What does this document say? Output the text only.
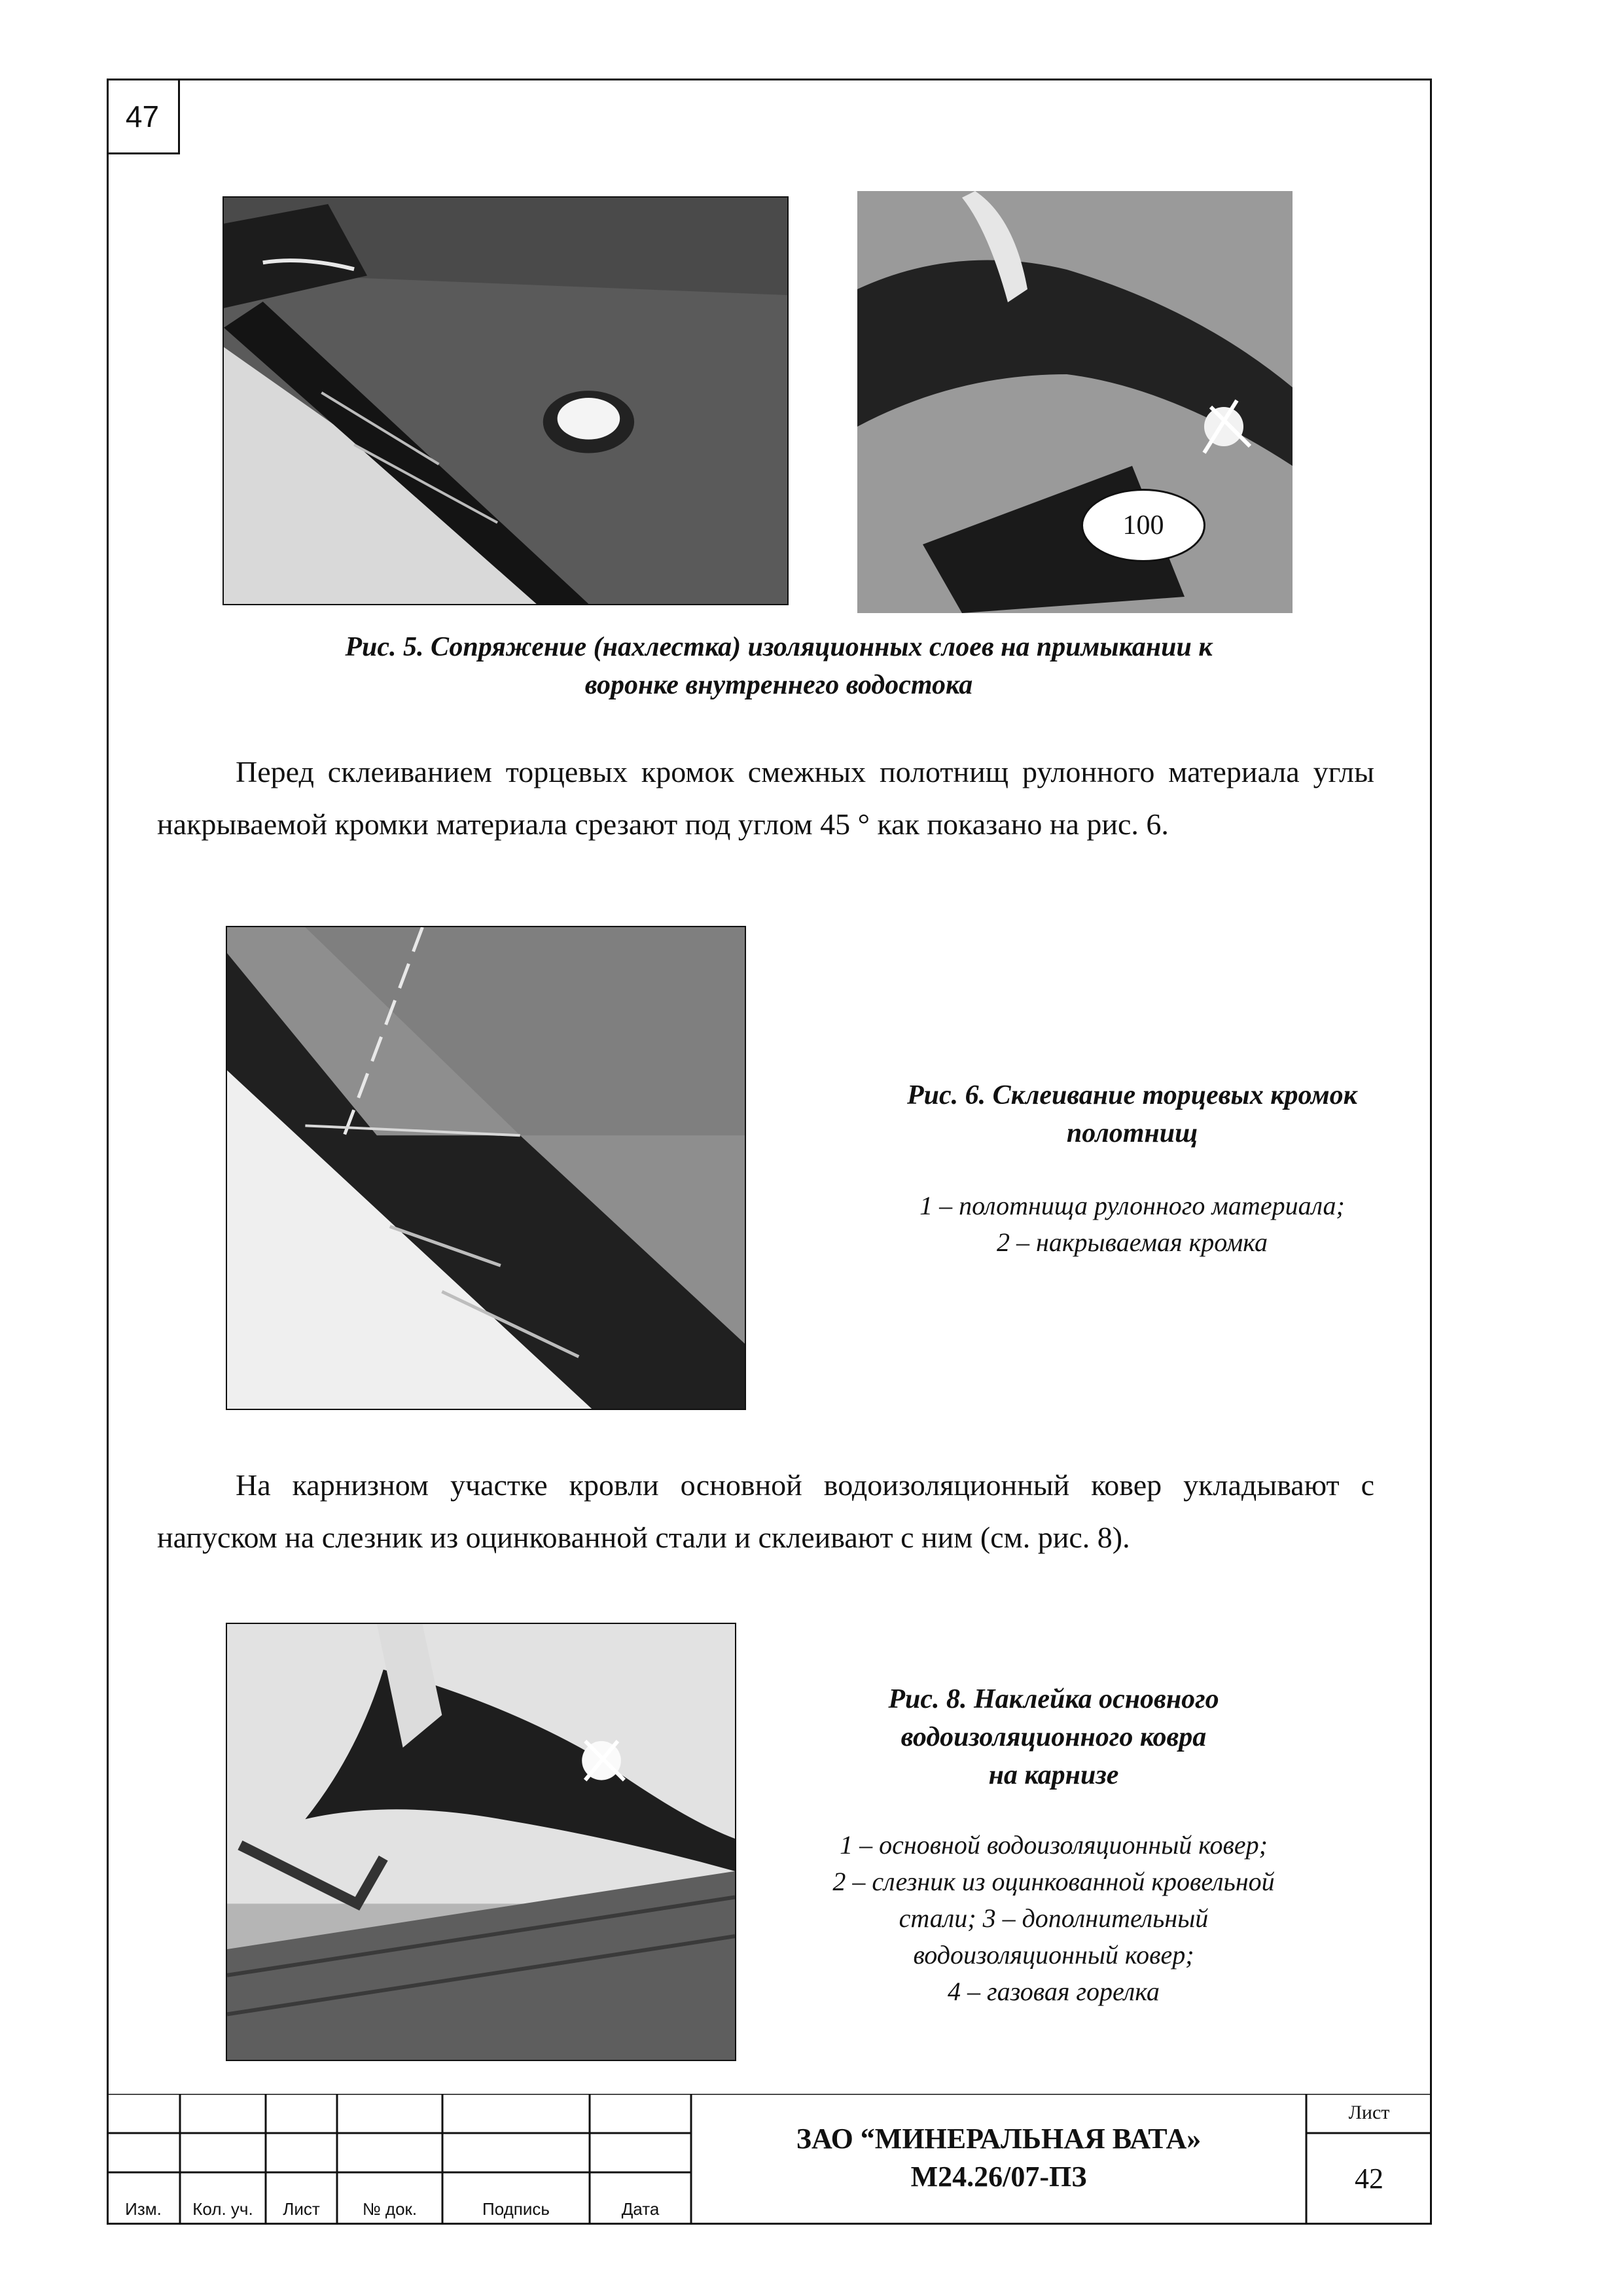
47
100
Рис. 5. Сопряжение (нахлестка) изоляционных слоев на примыкании к
воронке внутреннего водостока
Перед склеиванием торцевых кромок смежных полотнищ рулонного материала углы накрываемой кромки материала срезают под углом 45 ° как показано на рис. 6.
Рис. 6. Склеивание торцевых кромок
полотнищ
1 – полотнища рулонного материала;
2 – накрываемая кромка
На карнизном участке кровли основной водоизоляционный ковер укладывают с напуском на слезник из оцинкованной стали и склеивают с ним (см. рис. 8).
Рис. 8. Наклейка основного
водоизоляционного ковра
на карнизе
1 – основной водоизоляционный ковер;
2 – слезник из оцинкованной кровельной
стали; 3 – дополнительный
водоизоляционный ковер;
4 – газовая горелка
Изм.	Кол. уч.	Лист	№ док.	Подпись	Дата
ЗАО “МИНЕРАЛЬНАЯ ВАТА»
М24.26/07-ПЗ
Лист
42
